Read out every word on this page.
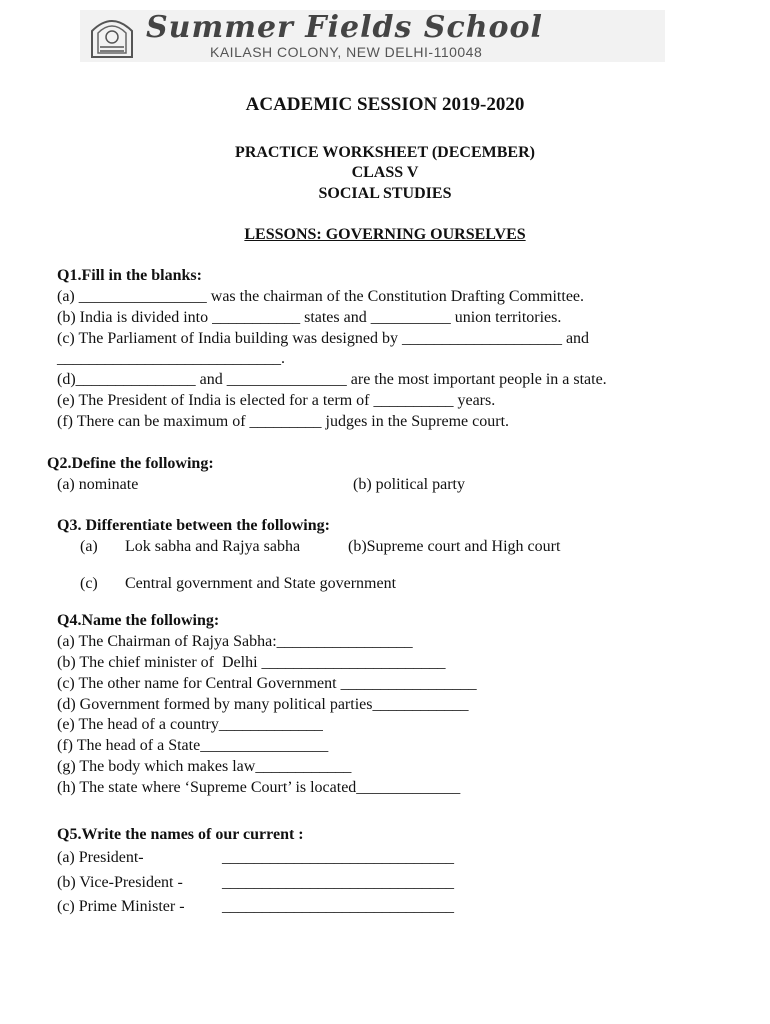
Summer Fields School

KAILASH COLONY, NEW DELHI-110048

ACADEMIC SESSION 2019-2020
PRACTICE WORKSHEET (DECEMBER)
CLASS V
SOCIAL STUDIES
LESSONS: GOVERNING OURSELVES
Q1.Fill in the blanks:
(a) ________________ was the chairman of the Constitution Drafting Committee.
(b) India is divided into ___________ states and __________ union territories.
(c) The Parliament of India building was designed by ____________________ and
____________________________.
(d)_______________ and _______________ are the most important people in a state.
(e) The President of India is elected for a term of __________ years.
(f) There can be maximum of _________ judges in the Supreme court.
Q2.Define the following:
(a) nominate	(b) political party
Q3. Differentiate between the following:
(a) Lok sabha and Rajya sabha	(b)Supreme court and High court
(c) Central government and State government
Q4.Name the following:
(a) The Chairman of Rajya Sabha:_________________
(b) The chief minister of  Delhi _______________________
(c) The other name for Central Government _________________
(d) Government formed by many political parties____________
(e) The head of a country_____________
(f) The head of a State________________
(g) The body which makes law____________
(h) The state where ‘Supreme Court’ is located_____________
Q5.Write the names of our current :
(a) President-	_____________________________
(b) Vice-President - _____________________________
(c) Prime Minister - _____________________________
